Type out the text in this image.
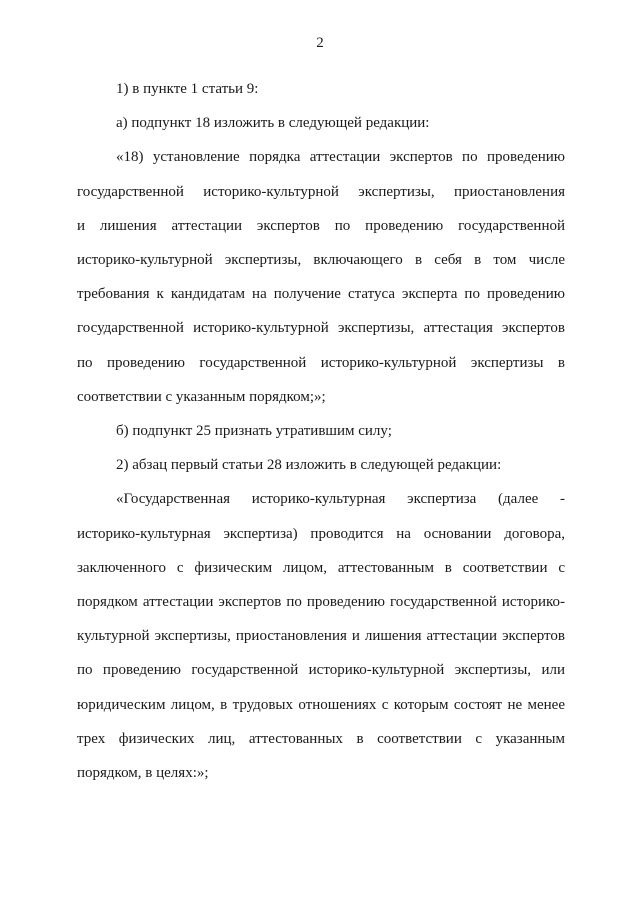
2
1) в пункте 1 статьи 9:
а) подпункт 18 изложить в следующей редакции:
«18) установление порядка аттестации экспертов по проведению
государственной историко-культурной экспертизы, приостановления
и лишения аттестации экспертов по проведению государственной
историко-культурной экспертизы, включающего в себя в том числе
требования к кандидатам на получение статуса эксперта по проведению
государственной историко-культурной экспертизы, аттестация экспертов
по проведению государственной историко-культурной экспертизы в
соответствии с указанным порядком;»;
б) подпункт 25 признать утратившим силу;
2) абзац первый статьи 28 изложить в следующей редакции:
«Государственная историко-культурная экспертиза (далее -
историко-культурная экспертиза) проводится на основании договора,
заключенного с физическим лицом, аттестованным в соответствии с
порядком аттестации экспертов по проведению государственной историко-
культурной экспертизы, приостановления и лишения аттестации экспертов
по проведению государственной историко-культурной экспертизы, или
юридическим лицом, в трудовых отношениях с которым состоят не менее
трех физических лиц, аттестованных в соответствии с указанным
порядком, в целях:»;
